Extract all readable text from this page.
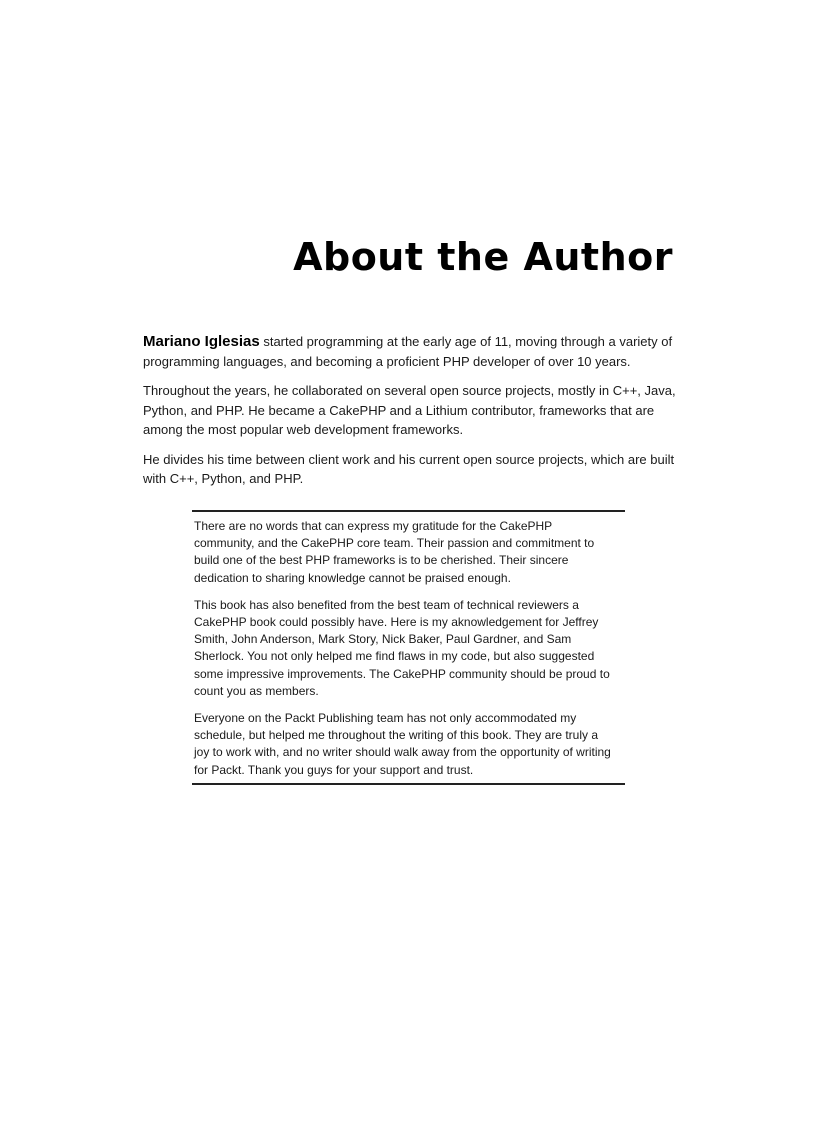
About the Author

Mariano Iglesias started programming at the early age of 11, moving through a variety of programming languages, and becoming a proficient PHP developer of over 10 years.

Throughout the years, he collaborated on several open source projects, mostly in C++, Java, Python, and PHP. He became a CakePHP and a Lithium contributor, frameworks that are among the most popular web development frameworks.

He divides his time between client work and his current open source projects, which are built with C++, Python, and PHP.

There are no words that can express my gratitude for the CakePHP community, and the CakePHP core team. Their passion and commitment to build one of the best PHP frameworks is to be cherished. Their sincere dedication to sharing knowledge cannot be praised enough.

This book has also benefited from the best team of technical reviewers a CakePHP book could possibly have. Here is my aknowledgement for Jeffrey Smith, John Anderson, Mark Story, Nick Baker, Paul Gardner, and Sam Sherlock. You not only helped me find flaws in my code, but also suggested some impressive improvements. The CakePHP community should be proud to count you as members.

Everyone on the Packt Publishing team has not only accommodated my schedule, but helped me throughout the writing of this book. They are truly a joy to work with, and no writer should walk away from the opportunity of writing for Packt. Thank you guys for your support and trust.
